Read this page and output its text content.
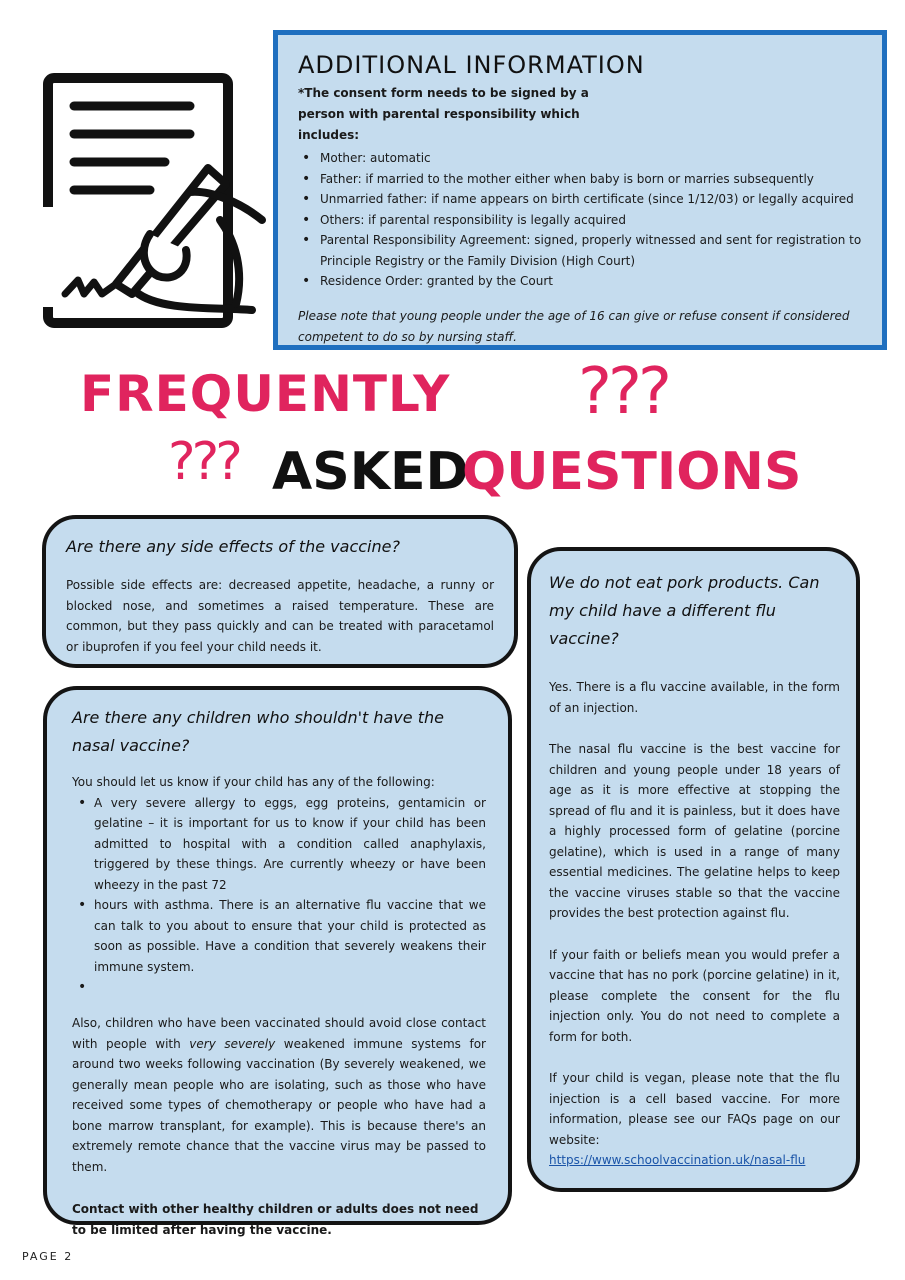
ADDITIONAL INFORMATION

*The consent form needs to be signed by a person with parental responsibility which includes:

• Mother: automatic
• Father: if married to the mother either when baby is born or marries subsequently
• Unmarried father: if name appears on birth certificate (since 1/12/03) or legally acquired
• Others: if parental responsibility is legally acquired
• Parental Responsibility Agreement: signed, properly witnessed and sent for registration to Principle Registry or the Family Division (High Court)
• Residence Order: granted by the Court

Please note that young people under the age of 16 can give or refuse consent if considered competent to do so by nursing staff.

FREQUENTLY ???
??? ASKED
QUESTIONS
Are there any side effects of the vaccine?

Possible side effects are: decreased appetite, headache, a runny or blocked nose, and sometimes a raised temperature. These are common, but they pass quickly and can be treated with paracetamol or ibuprofen if you feel your child needs it.

Are there any children who shouldn't have the nasal vaccine?

You should let us know if your child has any of the following:

• A very severe allergy to eggs, egg proteins, gentamicin or gelatine – it is important for us to know if your child has been admitted to hospital with a condition called anaphylaxis, triggered by these things. Are currently wheezy or have been wheezy in the past 72
• hours with asthma. There is an alternative flu vaccine that we can talk to you about to ensure that your child is protected as soon as possible. Have a condition that severely weakens their immune system.
•

Also, children who have been vaccinated should avoid close contact with people with very severely weakened immune systems for around two weeks following vaccination (By severely weakened, we generally mean people who are isolating, such as those who have received some types of chemotherapy or people who have had a bone marrow transplant, for example). This is because there's an extremely remote chance that the vaccine virus may be passed to them.

Contact with other healthy children or adults does not need to be limited after having the vaccine.

We do not eat pork products. Can my child have a different flu vaccine?

Yes. There is a flu vaccine available, in the form of an injection.

The nasal flu vaccine is the best vaccine for children and young people under 18 years of age as it is more effective at stopping the spread of flu and it is painless, but it does have a highly processed form of gelatine (porcine gelatine), which is used in a range of many essential medicines. The gelatine helps to keep the vaccine viruses stable so that the vaccine provides the best protection against flu.

If your faith or beliefs mean you would prefer a vaccine that has no pork (porcine gelatine) in it, please complete the consent for the flu injection only. You do not need to complete a form for both.

If your child is vegan, please note that the flu injection is a cell based vaccine. For more information, please see our FAQs page on our website:
https://www.schoolvaccination.uk/nasal-flu

PAGE 2
